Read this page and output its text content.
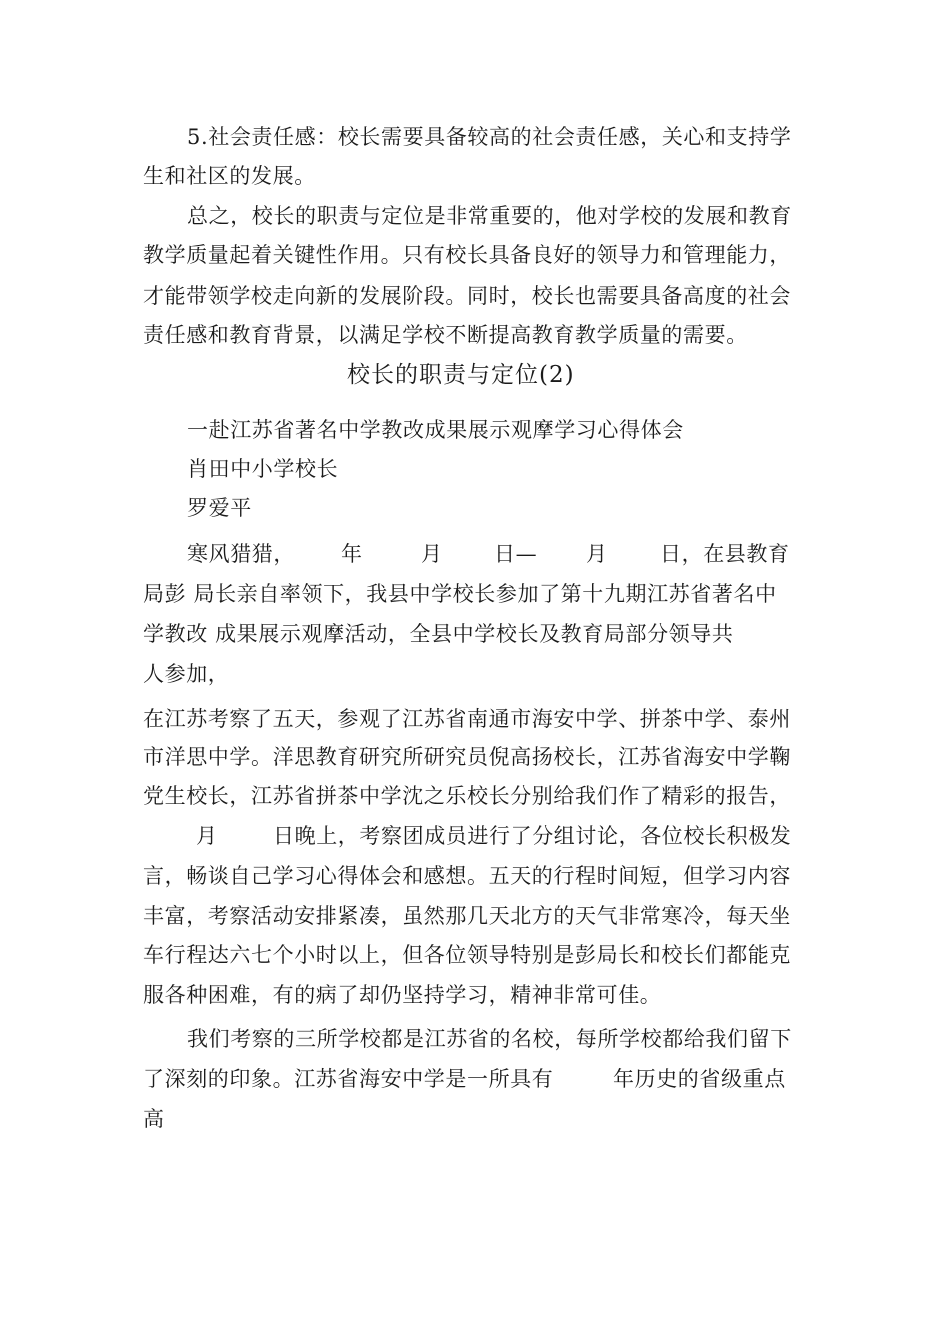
5.社会责任感：校长需要具备较高的社会责任感，关心和支持学
生和社区的发展。
总之，校长的职责与定位是非常重要的，他对学校的发展和教育
教学质量起着关键性作用。只有校长具备良好的领导力和管理能力，
才能带领学校走向新的发展阶段。同时，校长也需要具备高度的社会
责任感和教育背景，以满足学校不断提高教育教学质量的需要。
校长的职责与定位(2)
一赴江苏省著名中学教改成果展示观摩学习心得体会
肖田中小学校长
罗爱平
寒风猎猎， 年	月 日— 月 日，在县教育
局彭 局长亲自率领下，我县中学校长参加了第十九期江苏省著名中
学教改 成果展示观摩活动，全县中学校长及教育局部分领导共
人参加，
在江苏考察了五天，参观了江苏省南通市海安中学、拼茶中学、泰州
市洋思中学。洋思教育研究所研究员倪高扬校长，江苏省海安中学鞠
党生校长，江苏省拼茶中学沈之乐校长分别给我们作了精彩的报告，
月	日晚上，考察团成员进行了分组讨论，各位校长积极发
言，畅谈自己学习心得体会和感想。五天的行程时间短，但学习内容
丰富，考察活动安排紧凑，虽然那几天北方的天气非常寒冷，每天坐
车行程达六七个小时以上，但各位领导特别是彭局长和校长们都能克
服各种困难，有的病了却仍坚持学习，精神非常可佳。
我们考察的三所学校都是江苏省的名校，每所学校都给我们留下
了深刻的印象。江苏省海安中学是一所具有	年历史的省级重点
高
